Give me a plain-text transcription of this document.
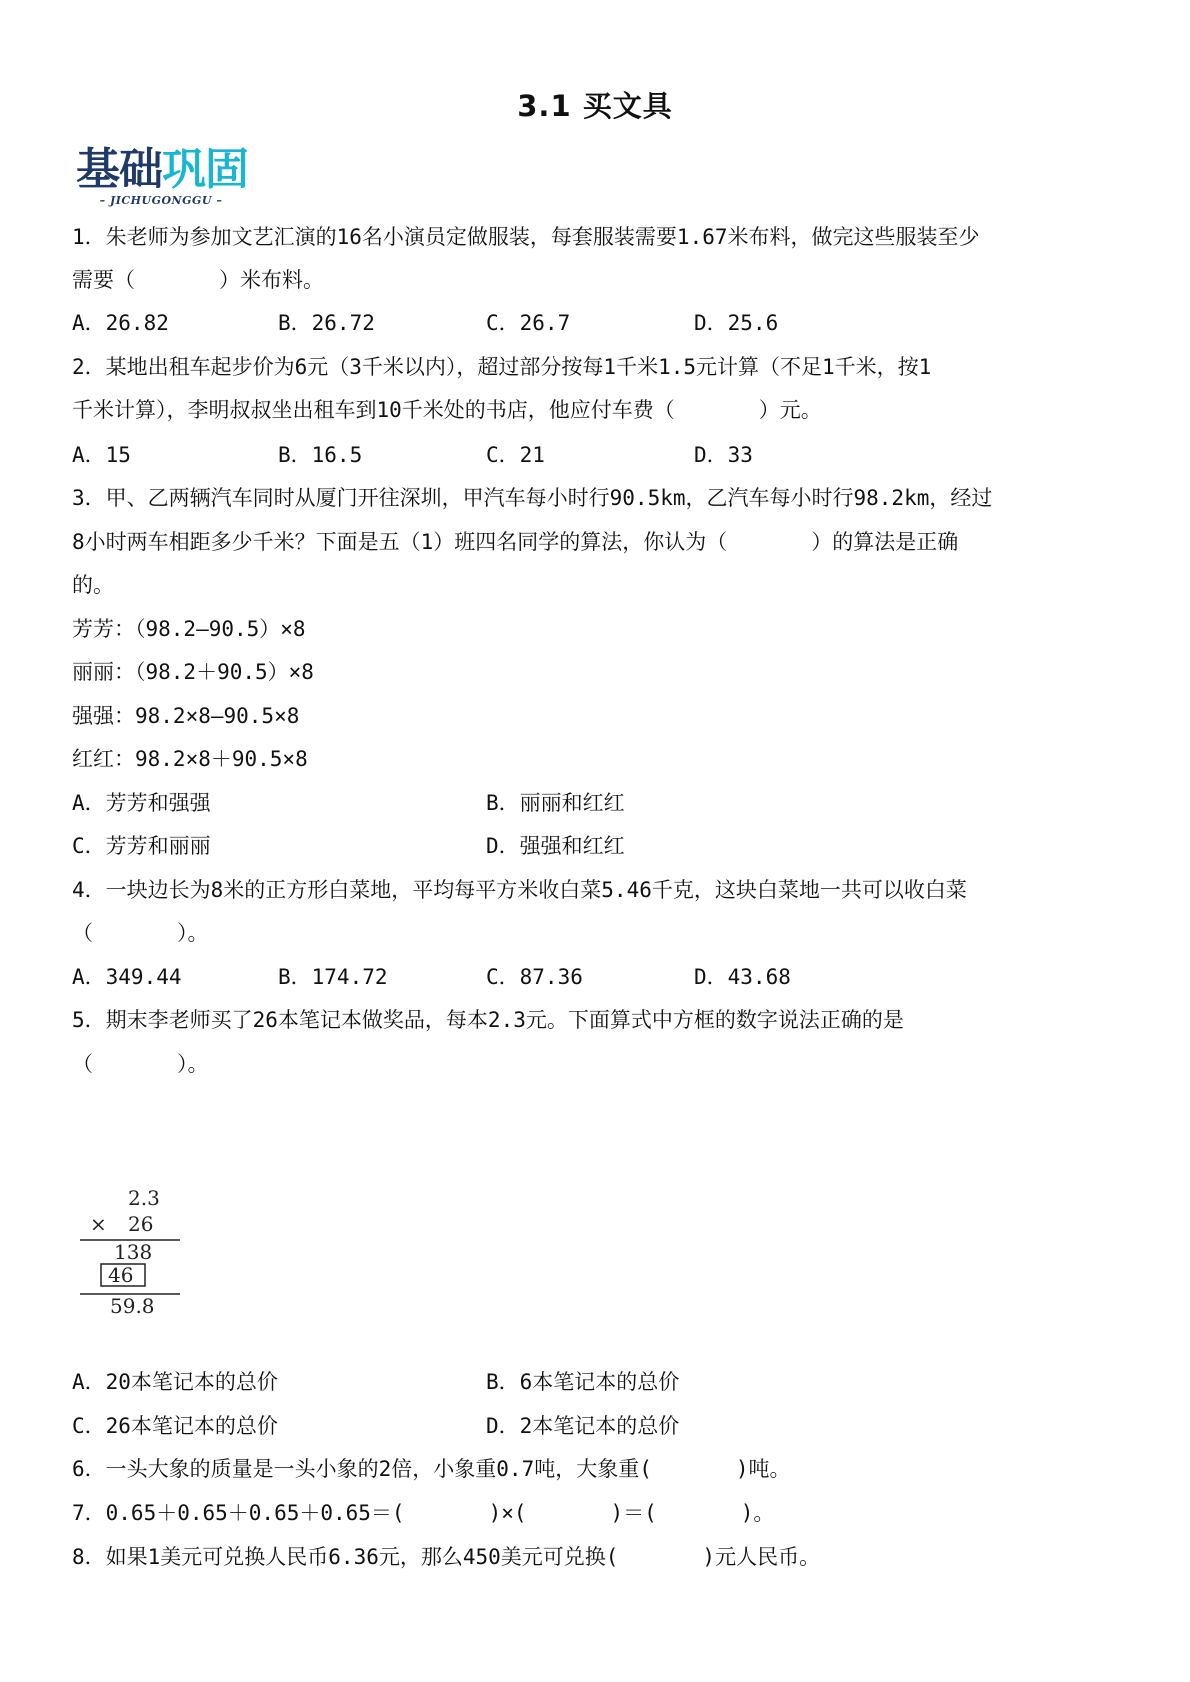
3.1 买文具
基础巩固
– JICHUGONGGU –
1．朱老师为参加文艺汇演的16名小演员定做服装，每套服装需要1.67米布料，做完这些服装至少
需要（　　　　）米布料。
A．26.82	B．26.72	C．26.7	D．25.6
2．某地出租车起步价为6元（3千米以内），超过部分按每1千米1.5元计算（不足1千米，按1
千米计算），李明叔叔坐出租车到10千米处的书店，他应付车费（　　　　）元。
A．15	B．16.5	C．21	D．33
3．甲、乙两辆汽车同时从厦门开往深圳，甲汽车每小时行90.5km，乙汽车每小时行98.2km，经过
8小时两车相距多少千米？下面是五（1）班四名同学的算法，你认为（　　　　）的算法是正确
的。
芳芳：（98.2—90.5）×8
丽丽：（98.2＋90.5）×8
强强：98.2×8—90.5×8
红红：98.2×8＋90.5×8
A．芳芳和强强	B．丽丽和红红
C．芳芳和丽丽	D．强强和红红
4．一块边长为8米的正方形白菜地，平均每平方米收白菜5.46千克，这块白菜地一共可以收白菜
（　　　　）。
A．349.44	B．174.72	C．87.36	D．43.68
5．期末李老师买了26本笔记本做奖品，每本2.3元。下面算式中方框的数字说法正确的是
（　　　　）。
2.3
× 26
138
46
59.8
A．20本笔记本的总价	B．6本笔记本的总价
C．26本笔记本的总价	D．2本笔记本的总价
6．一头大象的质量是一头小象的2倍，小象重0.7吨，大象重(　　　　)吨。
7．0.65＋0.65＋0.65＋0.65＝(　　　　)×(　　　　)＝(　　　　)。
8．如果1美元可兑换人民币6.36元，那么450美元可兑换(　　　　)元人民币。
